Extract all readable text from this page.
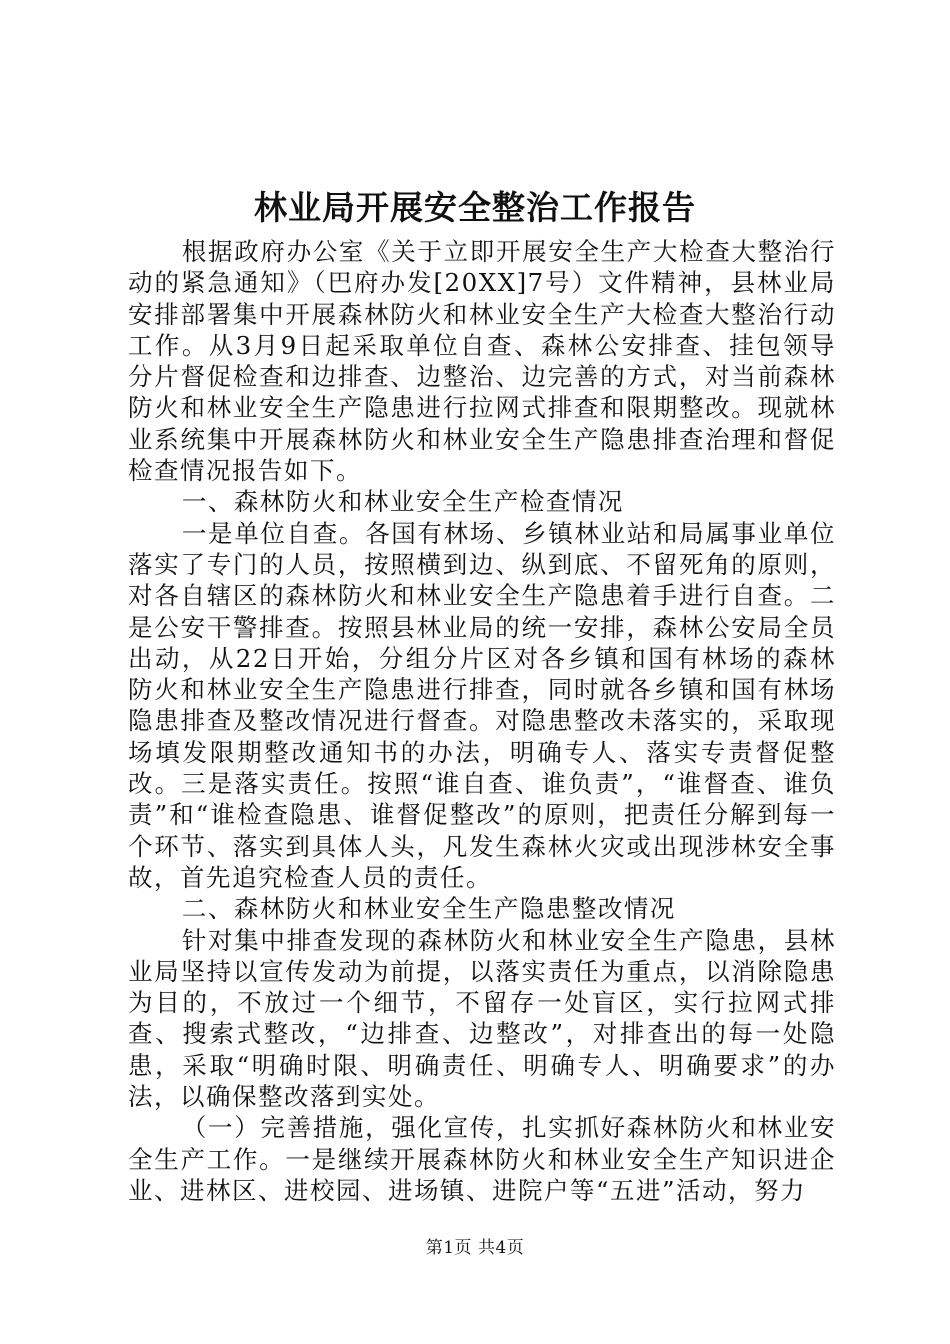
林业局开展安全整治工作报告

根据政府办公室《关于立即开展安全生产大检查大整治行动的紧急通知》（巴府办发[20XX]7号）文件精神，县林业局安排部署集中开展森林防火和林业安全生产大检查大整治行动工作。从3月9日起采取单位自查、森林公安排查、挂包领导分片督促检查和边排查、边整治、边完善的方式，对当前森林防火和林业安全生产隐患进行拉网式排查和限期整改。现就林业系统集中开展森林防火和林业安全生产隐患排查治理和督促检查情况报告如下。

一、森林防火和林业安全生产检查情况

一是单位自查。各国有林场、乡镇林业站和局属事业单位落实了专门的人员，按照横到边、纵到底、不留死角的原则，对各自辖区的森林防火和林业安全生产隐患着手进行自查。二是公安干警排查。按照县林业局的统一安排，森林公安局全员出动，从22日开始，分组分片区对各乡镇和国有林场的森林防火和林业安全生产隐患进行排查，同时就各乡镇和国有林场隐患排查及整改情况进行督查。对隐患整改未落实的，采取现场填发限期整改通知书的办法，明确专人、落实专责督促整改。三是落实责任。按照“谁自查、谁负责”，“谁督查、谁负责”和“谁检查隐患、谁督促整改”的原则，把责任分解到每一个环节、落实到具体人头，凡发生森林火灾或出现涉林安全事故，首先追究检查人员的责任。

二、森林防火和林业安全生产隐患整改情况

针对集中排查发现的森林防火和林业安全生产隐患，县林业局坚持以宣传发动为前提，以落实责任为重点，以消除隐患为目的，不放过一个细节，不留存一处盲区，实行拉网式排查、搜索式整改，“边排查、边整改”，对排查出的每一处隐患，采取“明确时限、明确责任、明确专人、明确要求”的办法，以确保整改落到实处。

（一）完善措施，强化宣传，扎实抓好森林防火和林业安全生产工作。一是继续开展森林防火和林业安全生产知识进企业、进林区、进校园、进场镇、进院户等“五进”活动，努力

第1页 共4页
